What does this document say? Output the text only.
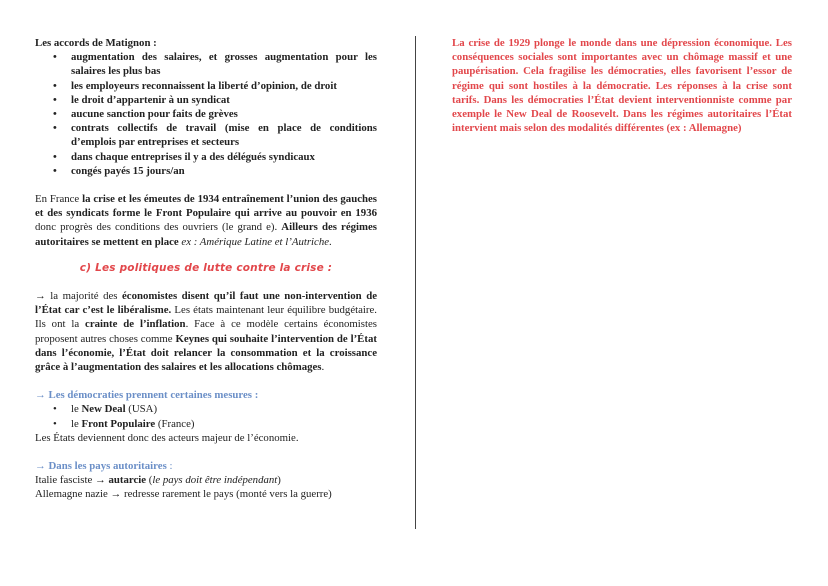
Les accords de Matignon :

• augmentation des salaires, et grosses augmentation pour les salaires les plus bas
• les employeurs reconnaissent la liberté d’opinion, de droit
• le droit d’appartenir à un syndicat
• aucune sanction pour faits de grèves
• contrats collectifs de travail (mise en place de conditions d’emplois par entreprises et secteurs
• dans chaque entreprises il y a des délégués syndicaux
• congés payés 15 jours/an

En France la crise et les émeutes de 1934 entraînement l’union des gauches et des syndicats forme le Front Populaire qui arrive au pouvoir en 1936 donc progrès des conditions des ouvriers (le grand e). Ailleurs des régimes autoritaires se mettent en place ex : Amérique Latine et l’Autriche.

c) Les politiques de lutte contre la crise :

→ la majorité des économistes disent qu’il faut une non-intervention de l’État car c’est le libéralisme. Les états maintenant leur équilibre budgétaire. Ils ont la crainte de l’inflation. Face à ce modèle certains économistes proposent autres choses comme Keynes qui souhaite l’intervention de l’État dans l’économie, l’État doit relancer la consommation et la croissance grâce à l’augmentation des salaires et les allocations chômages.

→ Les démocraties prennent certaines mesures :

• le New Deal (USA)
• le Front Populaire (France)

Les États deviennent donc des acteurs majeur de l’économie.

→ Dans les pays autoritaires :

Italie fasciste → autarcie (le pays doit être indépendant)

Allemagne nazie → redresse rarement le pays (monté vers la guerre)

La crise de 1929 plonge le monde dans une dépression économique. Les conséquences sociales sont importantes avec un chômage massif et une paupérisation. Cela fragilise les démocraties, elles favorisent l’essor de régime qui sont hostiles à la démocratie. Les réponses à la crise sont tarifs. Dans les démocraties l’État devient interventionniste comme par exemple le New Deal de Roosevelt. Dans les régimes autoritaires l’État intervient mais selon des modalités différentes (ex : Allemagne)
